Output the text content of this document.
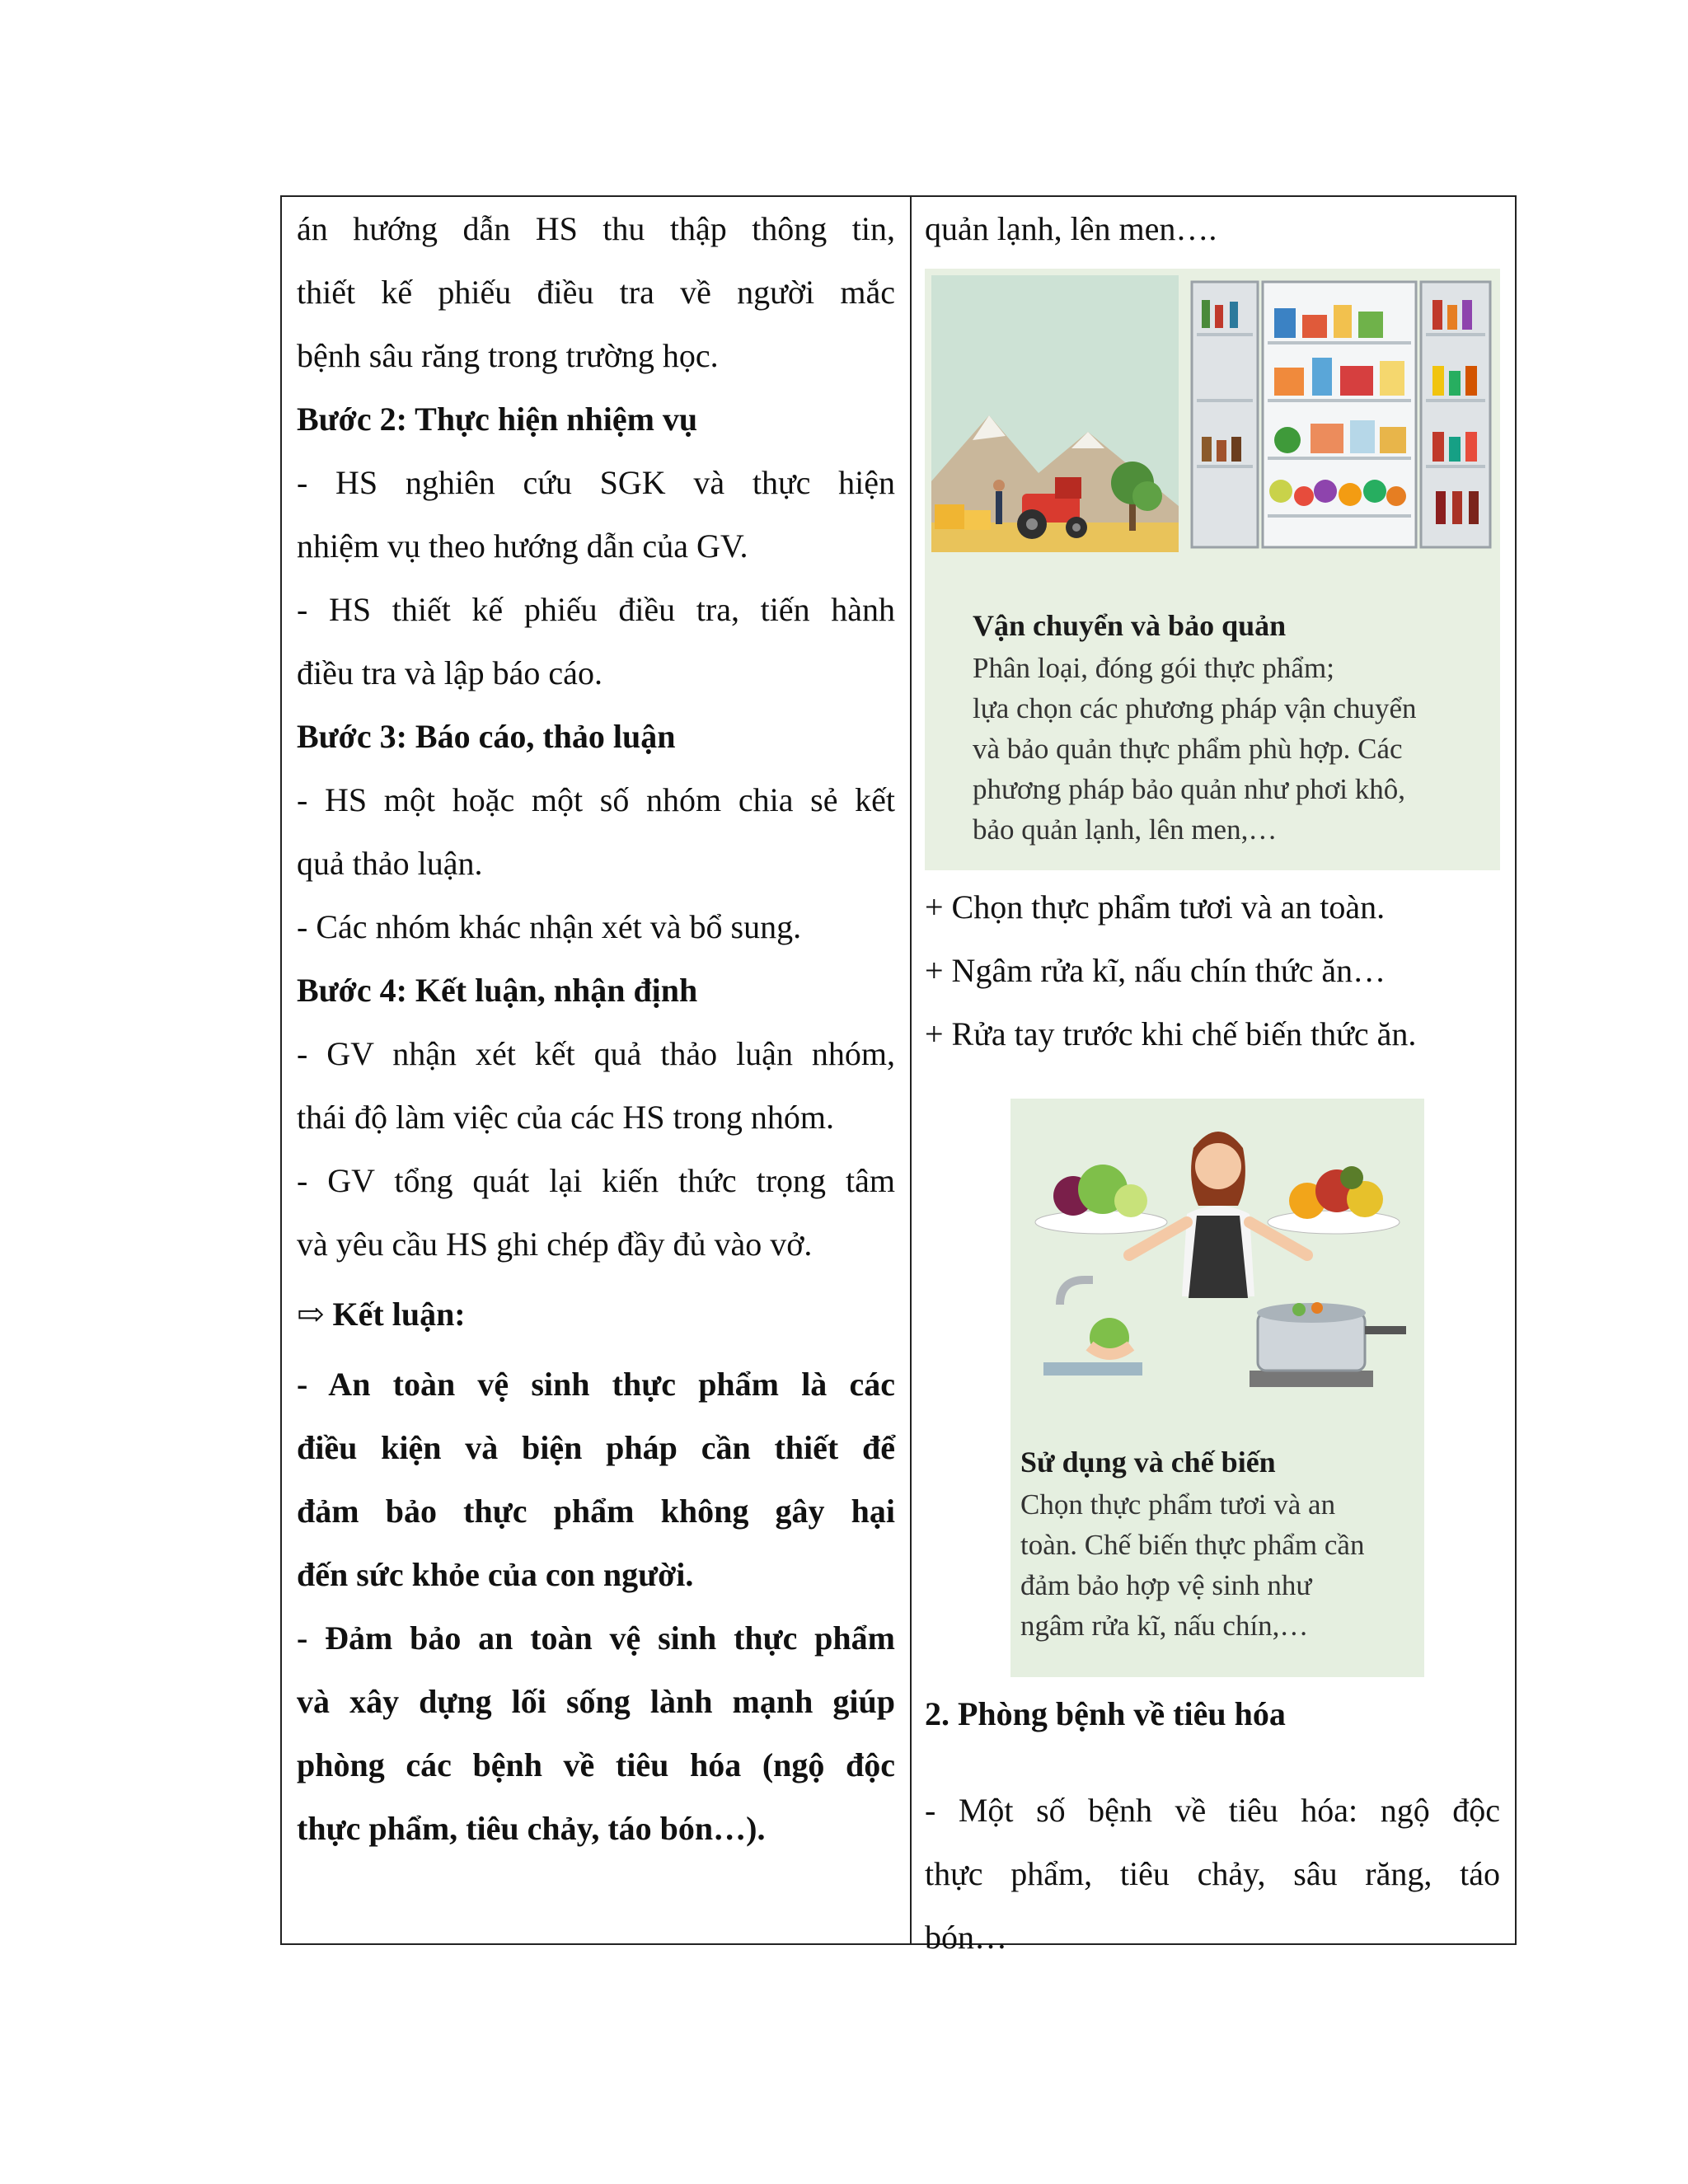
án hướng dẫn HS thu thập thông tin,

thiết kế phiếu điều tra về người mắc

bệnh sâu răng trong trường học.

Bước 2: Thực hiện nhiệm vụ

- HS nghiên cứu SGK và thực hiện

nhiệm vụ theo hướng dẫn của GV.

- HS thiết kế phiếu điều tra, tiến hành

điều tra và lập báo cáo.

Bước 3: Báo cáo, thảo luận

- HS một hoặc một số nhóm chia sẻ kết

quả thảo luận.

- Các nhóm khác nhận xét và bổ sung.

Bước 4: Kết luận, nhận định

- GV nhận xét kết quả thảo luận nhóm,

thái độ làm việc của các HS trong nhóm.

- GV tổng quát lại kiến thức trọng tâm

và yêu cầu HS ghi chép đầy đủ vào vở.

⇨ Kết luận:

- An toàn vệ sinh thực phẩm là các

điều kiện và biện pháp cần thiết để

đảm bảo thực phẩm không gây hại

đến sức khỏe của con người.

- Đảm bảo an toàn vệ sinh thực phẩm

và xây dựng lối sống lành mạnh giúp

phòng các bệnh về tiêu hóa (ngộ độc

thực phẩm, tiêu chảy, táo bón…).

quản lạnh, lên men….

Vận chuyển và bảo quản
Phân loại, đóng gói thực phẩm;
lựa chọn các phương pháp vận chuyển
và bảo quản thực phẩm phù hợp. Các
phương pháp bảo quản như phơi khô,
bảo quản lạnh, lên men,…

+ Chọn thực phẩm tươi và an toàn.

+ Ngâm rửa kĩ, nấu chín thức ăn…

+ Rửa tay trước khi chế biến thức ăn.

Sử dụng và chế biến
Chọn thực phẩm tươi và an
toàn. Chế biến thực phẩm cần
đảm bảo hợp vệ sinh như
ngâm rửa kĩ, nấu chín,…

2. Phòng bệnh về tiêu hóa

- Một số bệnh về tiêu hóa: ngộ độc

thực phẩm, tiêu chảy, sâu răng, táo

bón…
